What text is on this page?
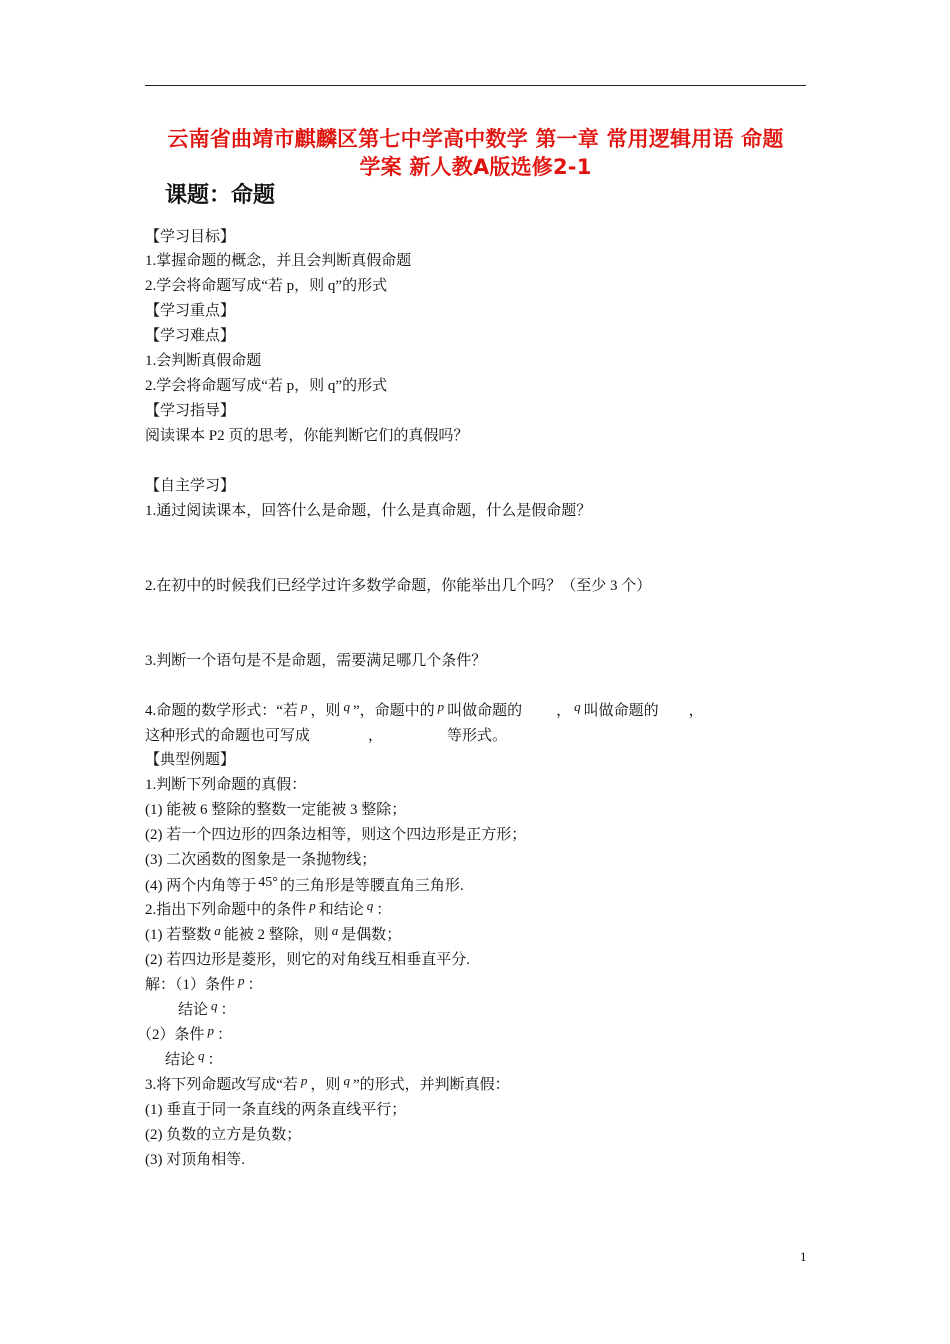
云南省曲靖市麒麟区第七中学高中数学 第一章 常用逻辑用语 命题
学案 新人教A版选修2-1
课题：命题
【学习目标】
1.掌握命题的概念，并且会判断真假命题
2.学会将命题写成“若 p，则 q”的形式
【学习重点】
【学习难点】
1.会判断真假命题
2.学会将命题写成“若 p，则 q”的形式
【学习指导】
阅读课本 P2 页的思考，你能判断它们的真假吗？
【自主学习】
1.通过阅读课本，回答什么是命题，什么是真命题，什么是假命题？
2.在初中的时候我们已经学过许多数学命题，你能举出几个吗？（至少 3 个）
3.判断一个语句是不是命题，需要满足哪几个条件？
4.命题的数学形式：“若 p ，则 q ”，命题中的 p 叫做命题的 ， q 叫做命题的 ，
这种形式的命题也可写成	，	等形式。
【典型例题】
1.判断下列命题的真假：
(1) 能被 6 整除的整数一定能被 3 整除；
(2) 若一个四边形的四条边相等，则这个四边形是正方形；
(3) 二次函数的图象是一条抛物线；
(4) 两个内角等于 45° 的三角形是等腰直角三角形.
2.指出下列命题中的条件 p 和结论 q ：
(1) 若整数 a 能被 2 整除，则 a 是偶数；
(2) 若四边形是菱形，则它的对角线互相垂直平分.
解：（1）条件 p ：
结论 q ：
（2）条件 p ：
结论 q ：
3.将下列命题改写成“若 p ，则 q ”的形式，并判断真假：
(1) 垂直于同一条直线的两条直线平行；
(2) 负数的立方是负数；
(3) 对顶角相等.
1
